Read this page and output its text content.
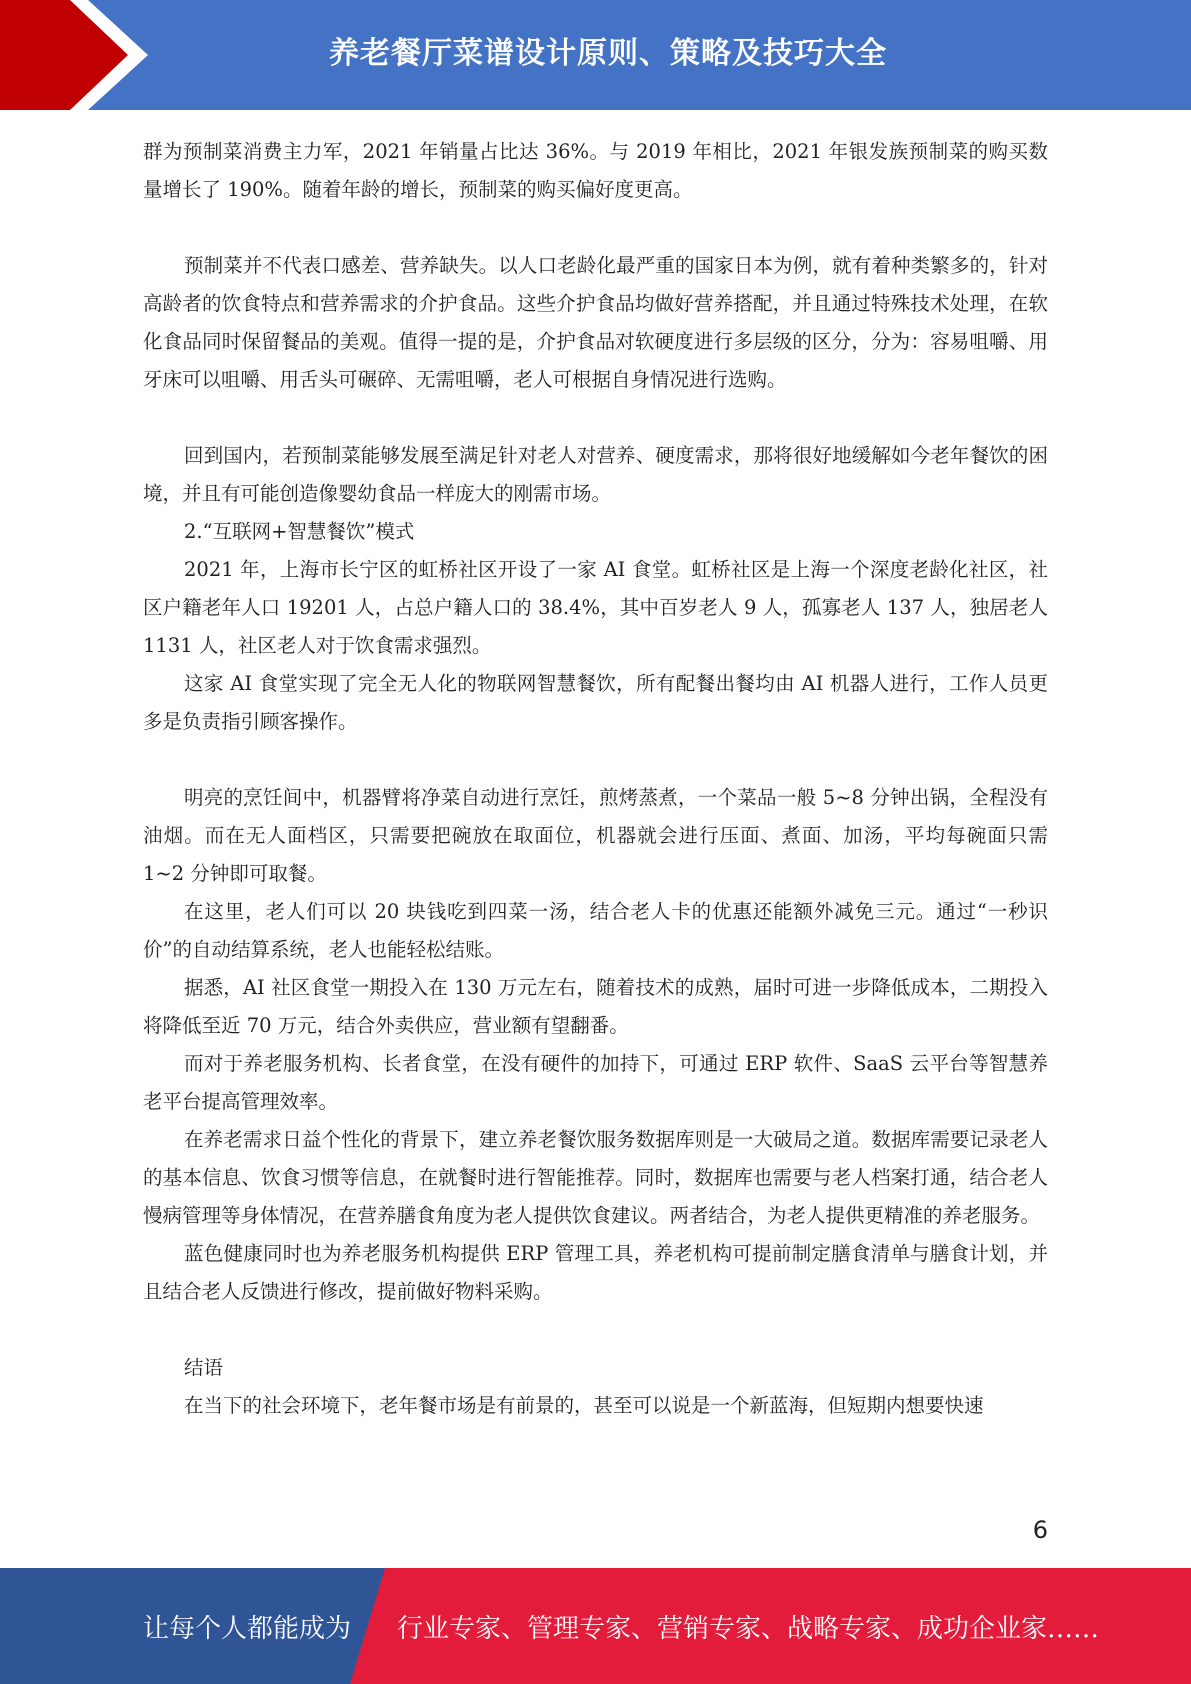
养老餐厅菜谱设计原则、策略及技巧大全

群为预制菜消费主力军，2021 年销量占比达 36%。与 2019 年相比，2021 年银发族预制菜的购买数量增长了 190%。随着年龄的增长，预制菜的购买偏好度更高。

预制菜并不代表口感差、营养缺失。以人口老龄化最严重的国家日本为例，就有着种类繁多的，针对高龄者的饮食特点和营养需求的介护食品。这些介护食品均做好营养搭配，并且通过特殊技术处理，在软化食品同时保留餐品的美观。值得一提的是，介护食品对软硬度进行多层级的区分，分为：容易咀嚼、用牙床可以咀嚼、用舌头可碾碎、无需咀嚼，老人可根据自身情况进行选购。

回到国内，若预制菜能够发展至满足针对老人对营养、硬度需求，那将很好地缓解如今老年餐饮的困境，并且有可能创造像婴幼食品一样庞大的刚需市场。

2.“互联网+智慧餐饮”模式

2021 年，上海市长宁区的虹桥社区开设了一家 AI 食堂。虹桥社区是上海一个深度老龄化社区，社区户籍老年人口 19201 人，占总户籍人口的 38.4%，其中百岁老人 9 人，孤寡老人 137 人，独居老人 1131 人，社区老人对于饮食需求强烈。

这家 AI 食堂实现了完全无人化的物联网智慧餐饮，所有配餐出餐均由 AI 机器人进行，工作人员更多是负责指引顾客操作。

明亮的烹饪间中，机器臂将净菜自动进行烹饪，煎烤蒸煮，一个菜品一般 5~8 分钟出锅，全程没有油烟。而在无人面档区，只需要把碗放在取面位，机器就会进行压面、煮面、加汤，平均每碗面只需 1~2 分钟即可取餐。

在这里，老人们可以 20 块钱吃到四菜一汤，结合老人卡的优惠还能额外减免三元。通过“一秒识价”的自动结算系统，老人也能轻松结账。

据悉，AI 社区食堂一期投入在 130 万元左右，随着技术的成熟，届时可进一步降低成本，二期投入将降低至近 70 万元，结合外卖供应，营业额有望翻番。

而对于养老服务机构、长者食堂，在没有硬件的加持下，可通过 ERP 软件、SaaS 云平台等智慧养老平台提高管理效率。

在养老需求日益个性化的背景下，建立养老餐饮服务数据库则是一大破局之道。数据库需要记录老人的基本信息、饮食习惯等信息，在就餐时进行智能推荐。同时，数据库也需要与老人档案打通，结合老人慢病管理等身体情况，在营养膳食角度为老人提供饮食建议。两者结合，为老人提供更精准的养老服务。

蓝色健康同时也为养老服务机构提供 ERP 管理工具，养老机构可提前制定膳食清单与膳食计划，并且结合老人反馈进行修改，提前做好物料采购。

结语

在当下的社会环境下，老年餐市场是有前景的，甚至可以说是一个新蓝海，但短期内想要快速

6
让每个人都能成为 行业专家、管理专家、营销专家、战略专家、成功企业家……
